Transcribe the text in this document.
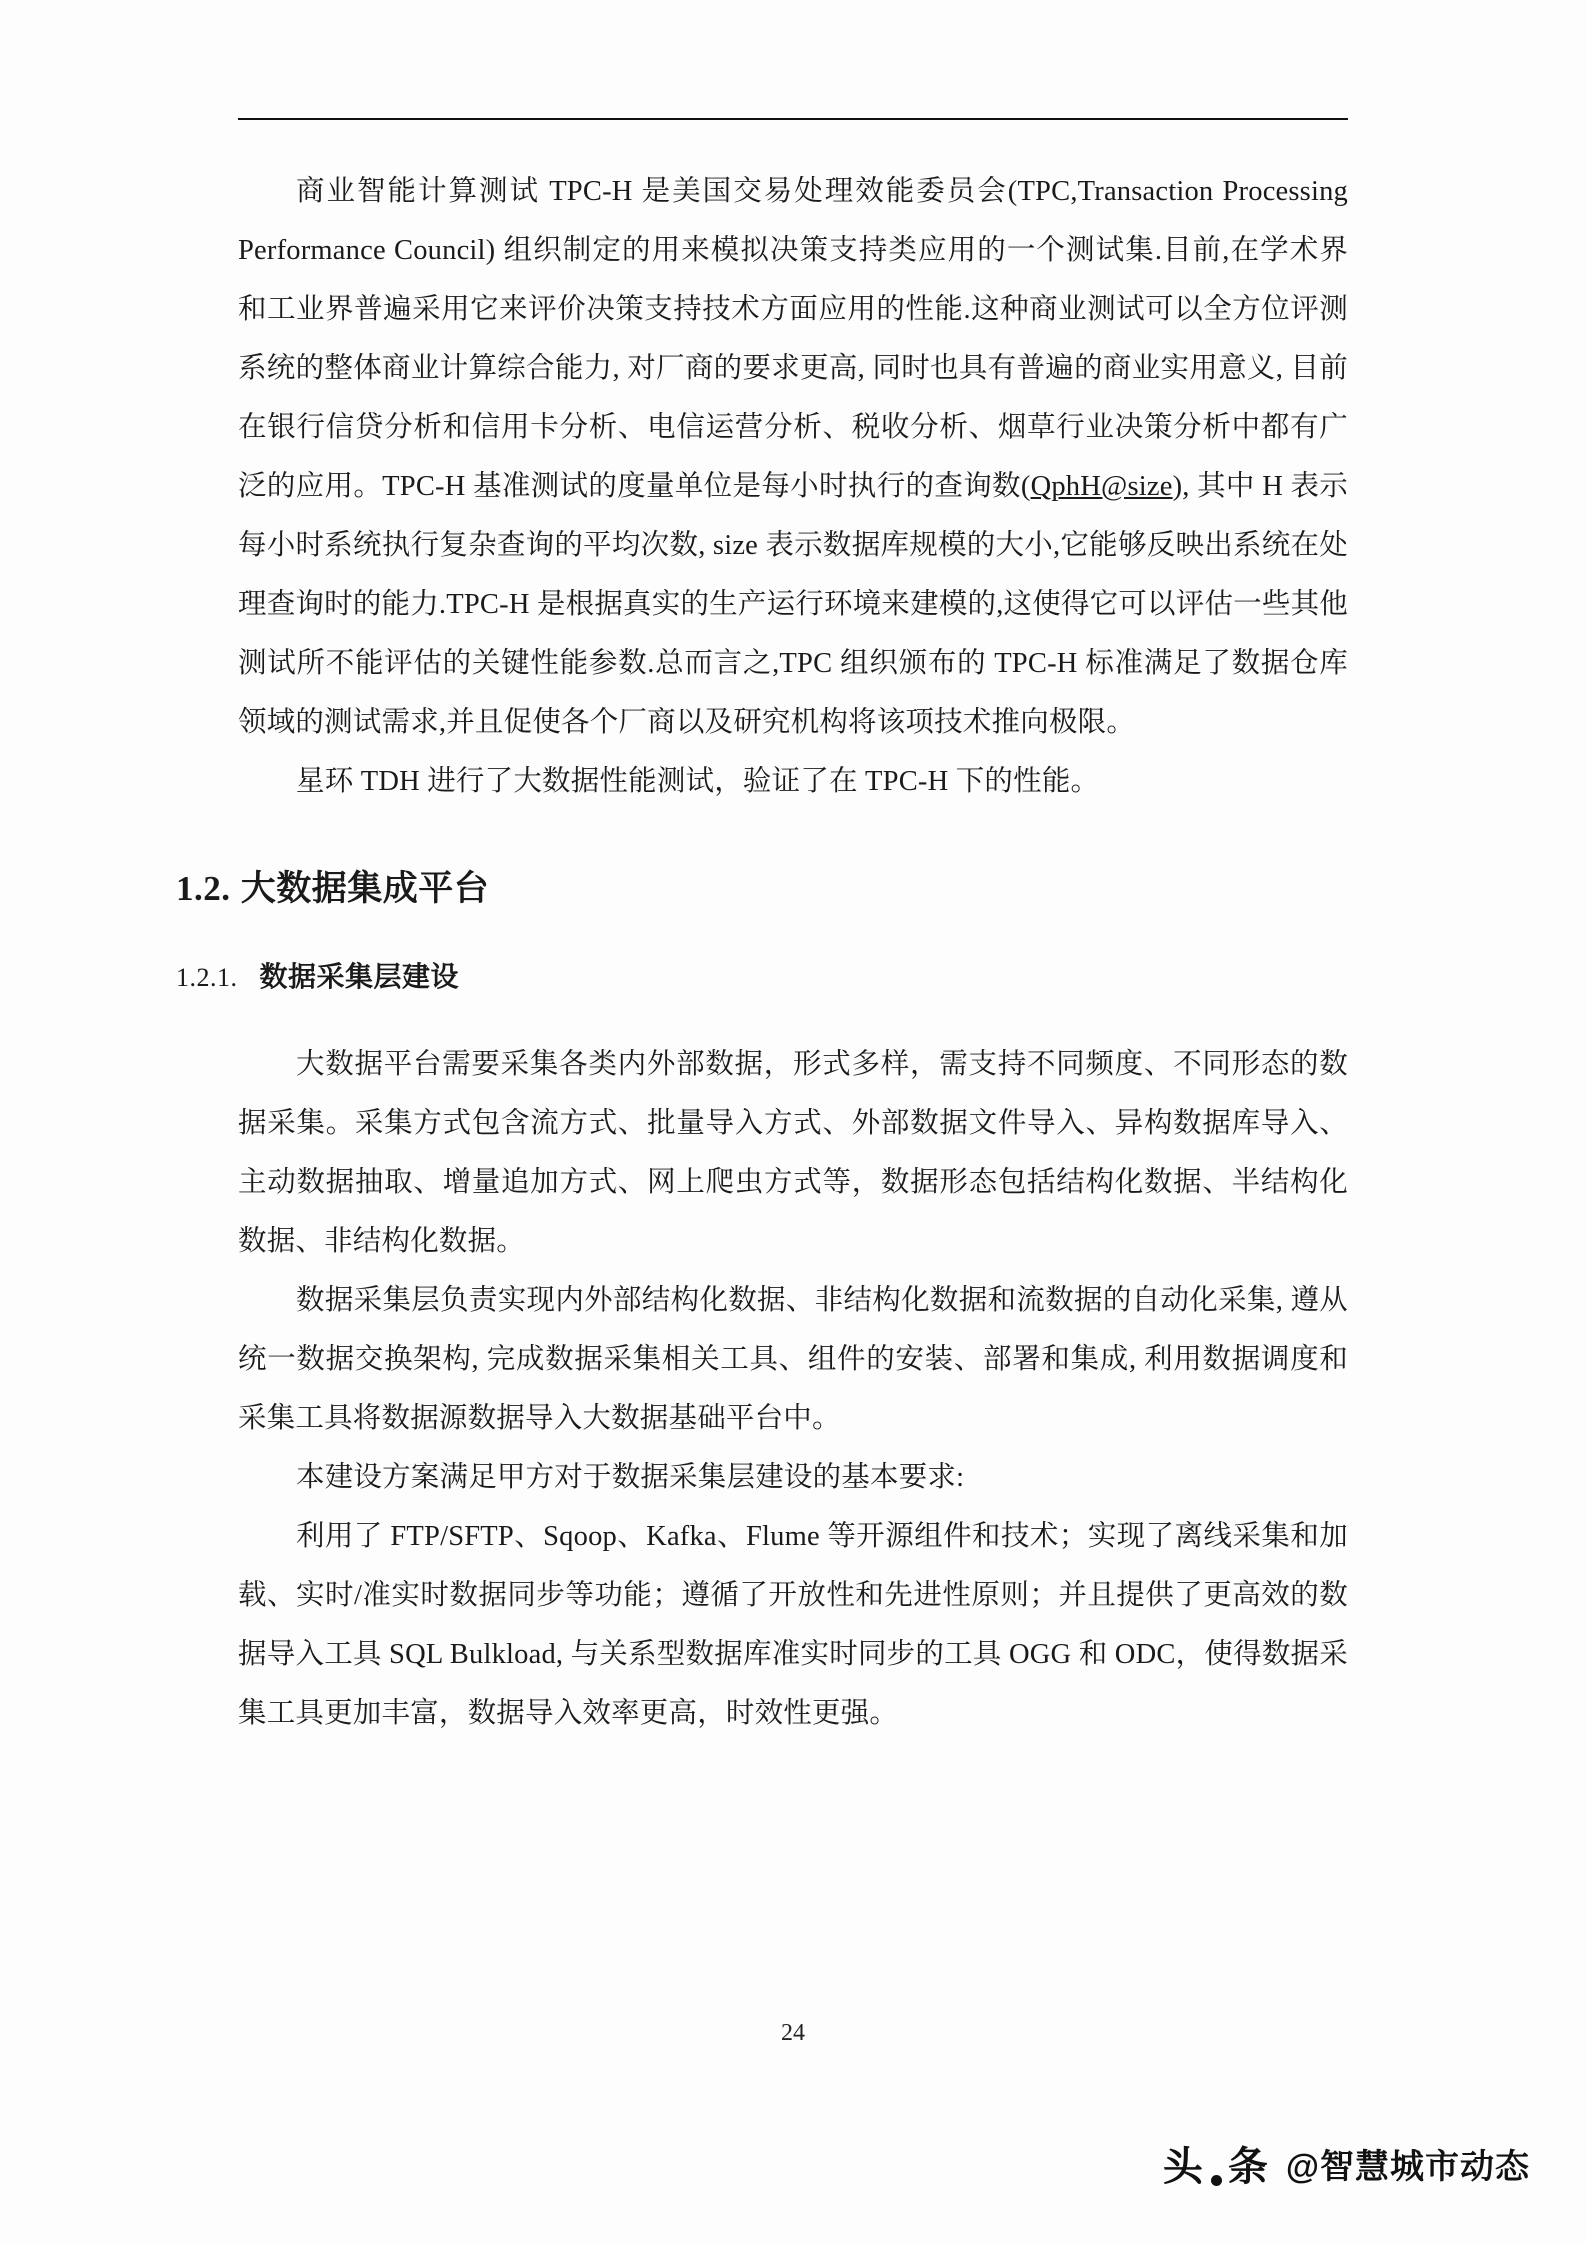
商业智能计算测试 TPC-H 是美国交易处理效能委员会(TPC,Transaction Processing Performance Council) 组织制定的用来模拟决策支持类应用的一个测试集.目前,在学术界和工业界普遍采用它来评价决策支持技术方面应用的性能.这种商业测试可以全方位评测系统的整体商业计算综合能力, 对厂商的要求更高, 同时也具有普遍的商业实用意义, 目前在银行信贷分析和信用卡分析、电信运营分析、税收分析、烟草行业决策分析中都有广泛的应用。TPC-H 基准测试的度量单位是每小时执行的查询数(QphH@size), 其中 H 表示每小时系统执行复杂查询的平均次数, size 表示数据库规模的大小,它能够反映出系统在处理查询时的能力.TPC-H 是根据真实的生产运行环境来建模的,这使得它可以评估一些其他测试所不能评估的关键性能参数.总而言之,TPC 组织颁布的 TPC-H 标准满足了数据仓库领域的测试需求,并且促使各个厂商以及研究机构将该项技术推向极限。

星环 TDH 进行了大数据性能测试，验证了在 TPC-H 下的性能。

1.2. 大数据集成平台
1.2.1. 数据采集层建设

大数据平台需要采集各类内外部数据，形式多样，需支持不同频度、不同形态的数据采集。采集方式包含流方式、批量导入方式、外部数据文件导入、异构数据库导入、主动数据抽取、增量追加方式、网上爬虫方式等，数据形态包括结构化数据、半结构化数据、非结构化数据。

数据采集层负责实现内外部结构化数据、非结构化数据和流数据的自动化采集, 遵从统一数据交换架构, 完成数据采集相关工具、组件的安装、部署和集成, 利用数据调度和采集工具将数据源数据导入大数据基础平台中。

本建设方案满足甲方对于数据采集层建设的基本要求:

利用了 FTP/SFTP、Sqoop、Kafka、Flume 等开源组件和技术；实现了离线采集和加载、实时/准实时数据同步等功能；遵循了开放性和先进性原则；并且提供了更高效的数据导入工具 SQL Bulkload, 与关系型数据库准实时同步的工具 OGG 和 ODC，使得数据采集工具更加丰富，数据导入效率更高，时效性更强。

24
头 条 @智慧城市动态
